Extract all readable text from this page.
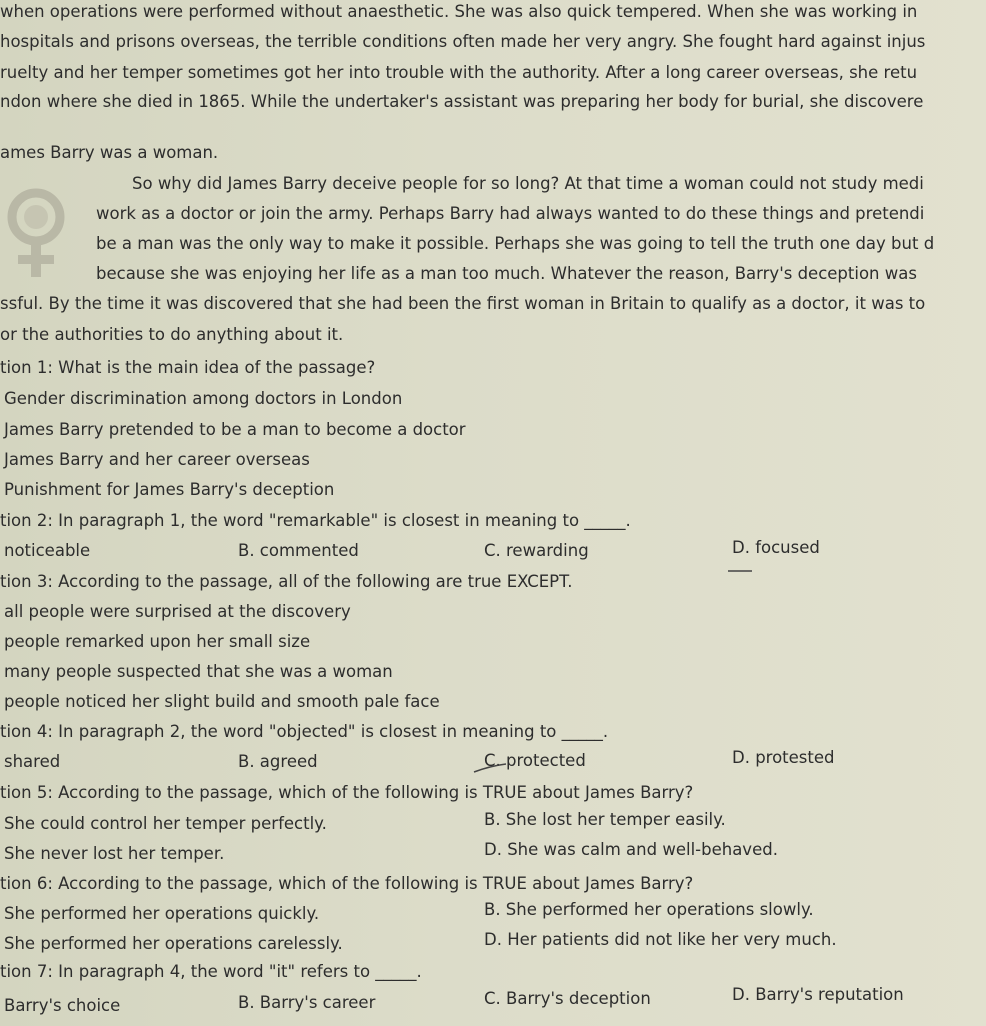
when operations were performed without anaesthetic. She was also quick tempered. When she was working in
hospitals and prisons overseas, the terrible conditions often made her very angry. She fought hard against injus
ruelty and her temper sometimes got her into trouble with the authority. After a long career overseas, she retu
ndon where she died in 1865. While the undertaker's assistant was preparing her body for burial, she discovere
ames Barry was a woman.
So why did James Barry deceive people for so long? At that time a woman could not study medi
work as a doctor or join the army. Perhaps Barry had always wanted to do these things and pretendi
be a man was the only way to make it possible. Perhaps she was going to tell the truth one day but d
because she was enjoying her life as a man too much. Whatever the reason, Barry's deception was
ssful. By the time it was discovered that she had been the first woman in Britain to qualify as a doctor, it was to
or the authorities to do anything about it.
tion 1: What is the main idea of the passage?
Gender discrimination among doctors in London
James Barry pretended to be a man to become a doctor
James Barry and her career overseas
Punishment for James Barry's deception
tion 2: In paragraph 1, the word "remarkable" is closest in meaning to _____.
noticeable	B. commented	C. rewarding	D. focused
tion 3: According to the passage, all of the following are true EXCEPT.
all people were surprised at the discovery
people remarked upon her small size
many people suspected that she was a woman
people noticed her slight build and smooth pale face
tion 4: In paragraph 2, the word "objected" is closest in meaning to _____.
shared	B. agreed	C. protected	D. protested
tion 5: According to the passage, which of the following is TRUE about James Barry?
She could control her temper perfectly.	B. She lost her temper easily.
She never lost her temper.	D. She was calm and well-behaved.
tion 6: According to the passage, which of the following is TRUE about James Barry?
She performed her operations quickly.	B. She performed her operations slowly.
She performed her operations carelessly.	D. Her patients did not like her very much.
tion 7: In paragraph 4, the word "it" refers to _____.
Barry's choice	B. Barry's career	C. Barry's deception	D. Barry's reputation
